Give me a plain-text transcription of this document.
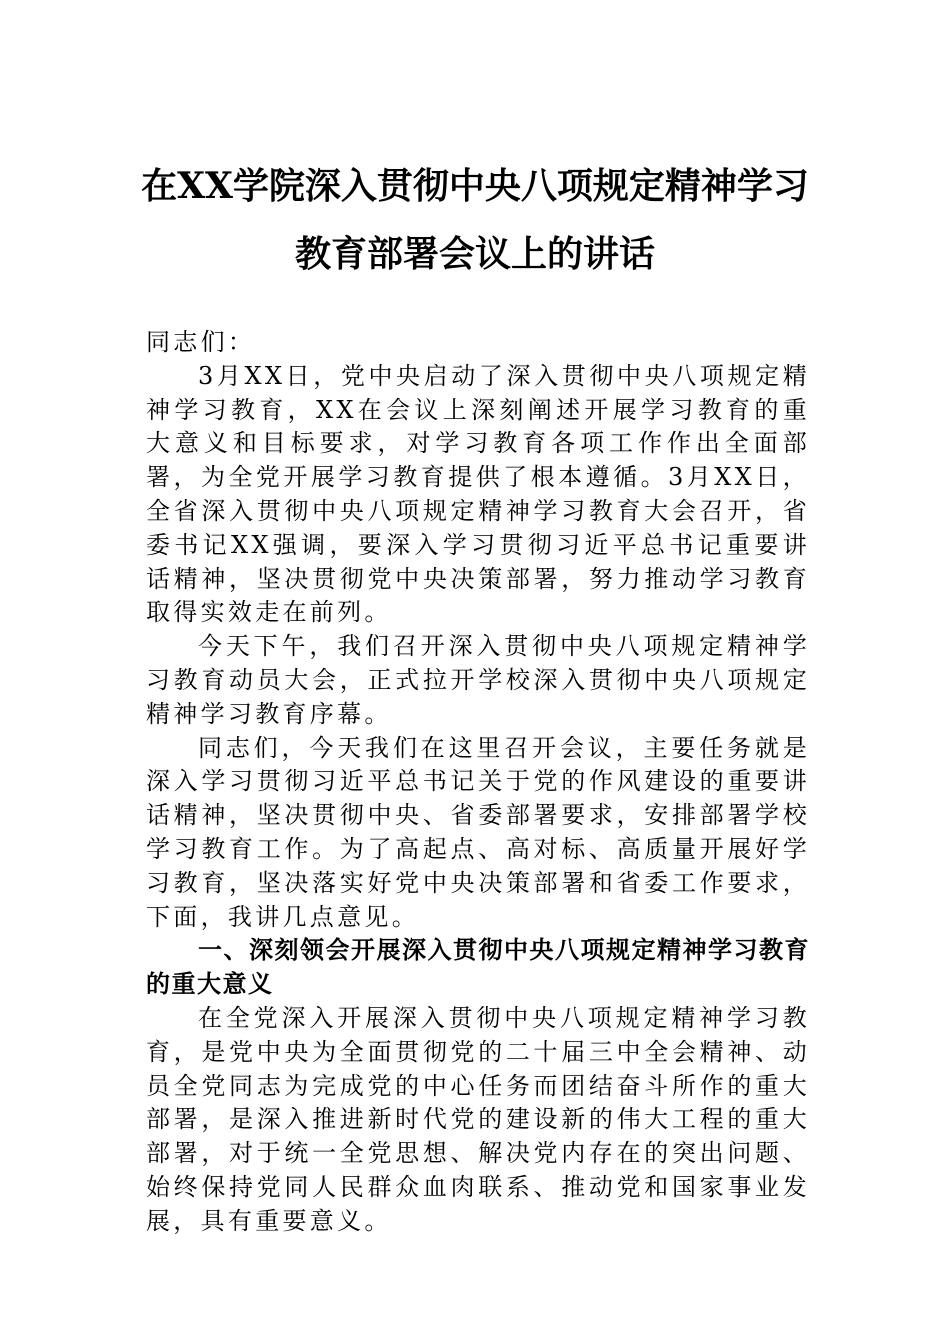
在XX学院深入贯彻中央八项规定精神学习
教育部署会议上的讲话

同志们：

3月XX日，党中央启动了深入贯彻中央八项规定精神学习教育，XX在会议上深刻阐述开展学习教育的重大意义和目标要求，对学习教育各项工作作出全面部署，为全党开展学习教育提供了根本遵循。3月XX日，全省深入贯彻中央八项规定精神学习教育大会召开，省委书记XX强调，要深入学习贯彻习近平总书记重要讲话精神，坚决贯彻党中央决策部署，努力推动学习教育取得实效走在前列。

今天下午，我们召开深入贯彻中央八项规定精神学习教育动员大会，正式拉开学校深入贯彻中央八项规定精神学习教育序幕。

同志们，今天我们在这里召开会议，主要任务就是深入学习贯彻习近平总书记关于党的作风建设的重要讲话精神，坚决贯彻中央、省委部署要求，安排部署学校学习教育工作。为了高起点、高对标、高质量开展好学习教育，坚决落实好党中央决策部署和省委工作要求，下面，我讲几点意见。

一、深刻领会开展深入贯彻中央八项规定精神学习教育的重大意义

在全党深入开展深入贯彻中央八项规定精神学习教育，是党中央为全面贯彻党的二十届三中全会精神、动员全党同志为完成党的中心任务而团结奋斗所作的重大部署，是深入推进新时代党的建设新的伟大工程的重大部署，对于统一全党思想、解决党内存在的突出问题、始终保持党同人民群众血肉联系、推动党和国家事业发展，具有重要意义。
